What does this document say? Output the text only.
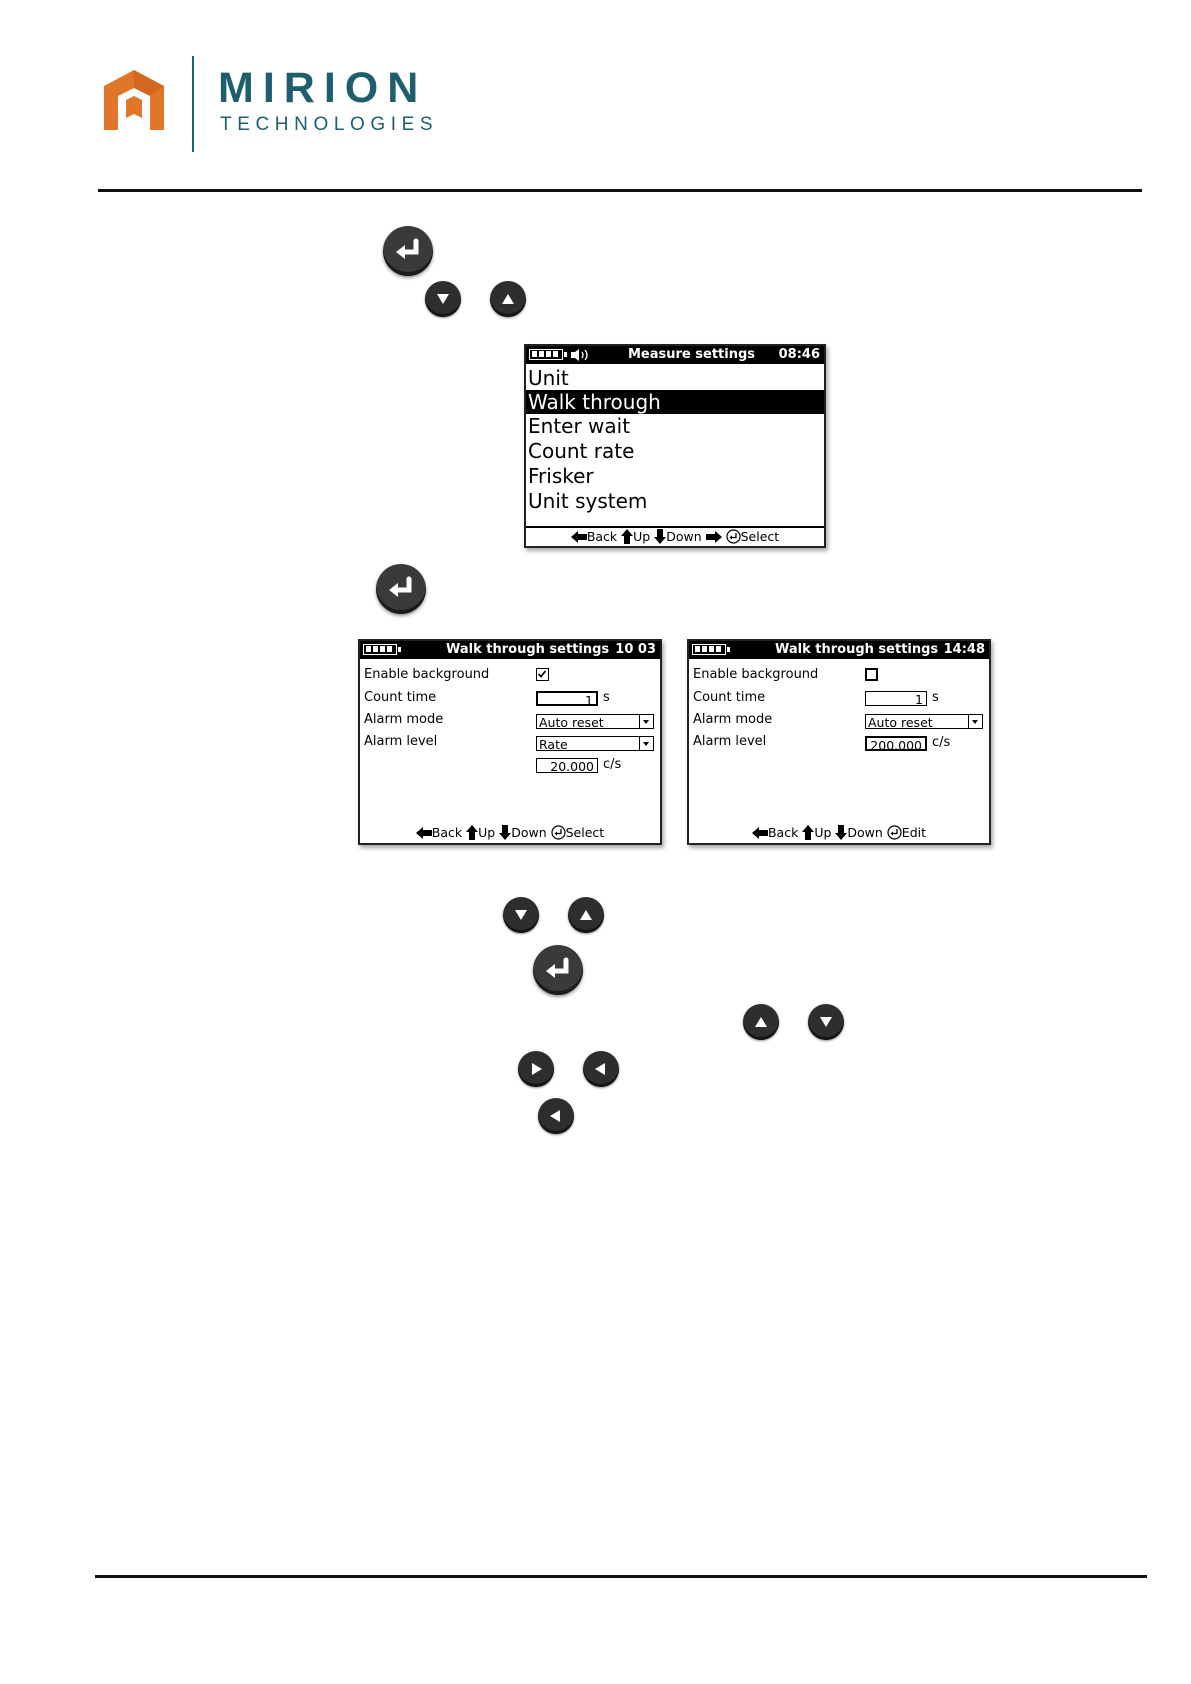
MIRION
TECHNOLOGIES
Measure settings 08:46
Unit
Walk through
Enter wait
Count rate
Frisker
Unit system
Back Up Down	Select
Walk through settings 10 03
Enable background
Count time	1 s
Alarm mode	Auto reset
Alarm level	Rate
20.000 c/s
Back Up Down Select
Walk through settings 14:48
Enable background
Count time	1 s
Alarm mode	Auto reset
Alarm level	200.000 c/s
Back Up Down Edit
